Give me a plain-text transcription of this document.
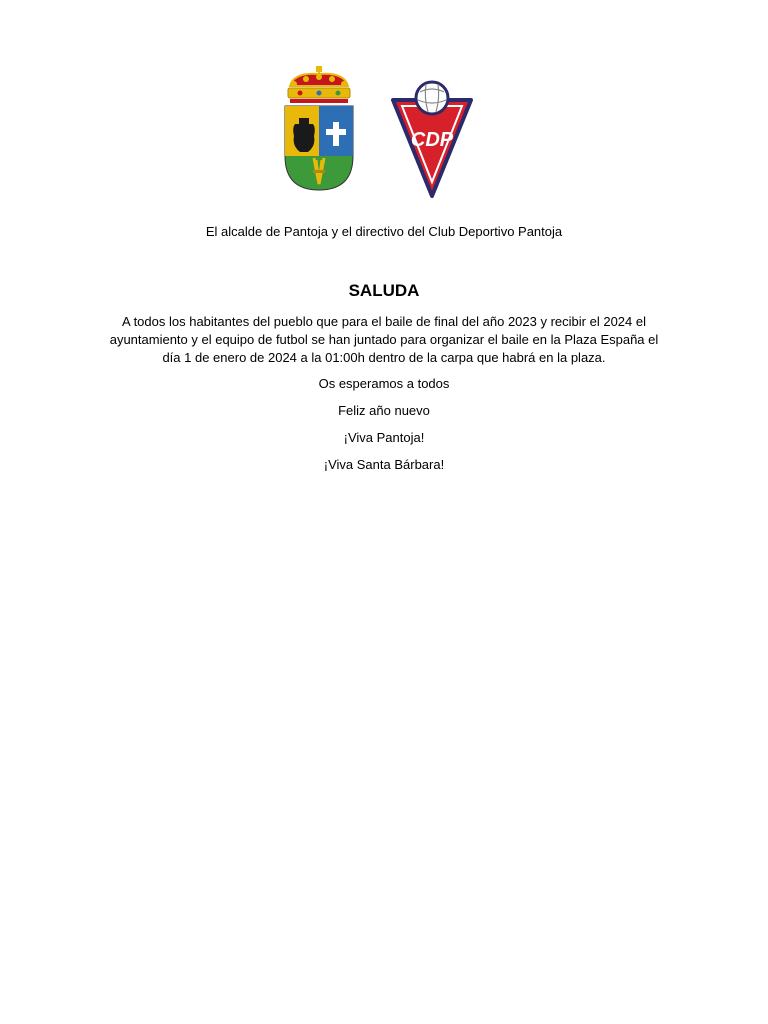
CDP
El alcalde de Pantoja y el directivo del Club Deportivo Pantoja
SALUDA
A todos los habitantes del pueblo que para el baile de final del año 2023 y recibir el 2024 el ayuntamiento y el equipo de futbol se han juntado para organizar el baile en la Plaza España el día 1 de enero de 2024 a la 01:00h dentro de la carpa que habrá en la plaza.
Os esperamos a todos
Feliz año nuevo
¡Viva Pantoja!
¡Viva Santa Bárbara!
